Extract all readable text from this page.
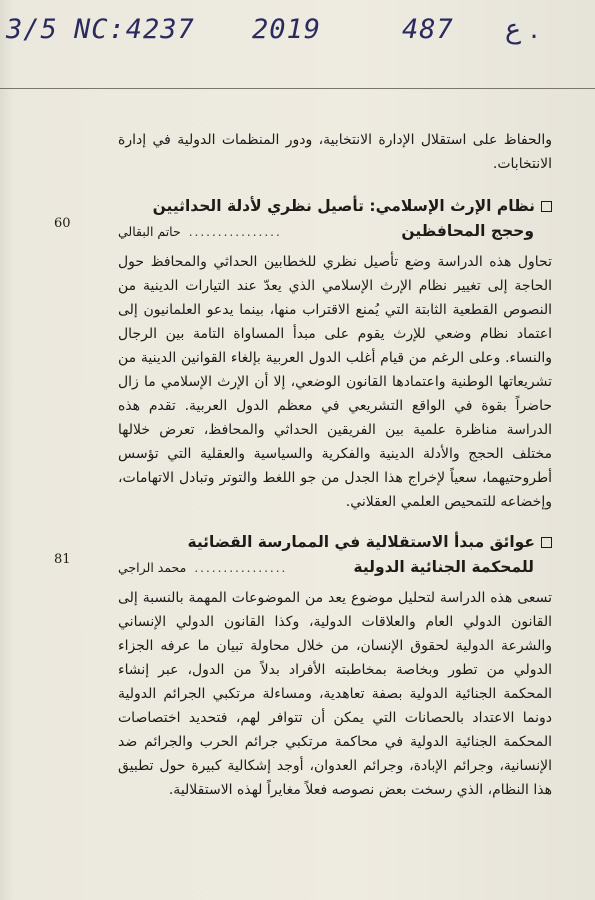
3/5 NC:4237 2019	487 ع .

والحفاظ على استقلال الإدارة الانتخابية، ودور المنظمات الدولية في إدارة الانتخابات.

نظام الإرث الإسلامي: تأصيل نظري لأدلة الحداثيين
وحجج المحافظين
................
حاتم البقالي
60

تحاول هذه الدراسة وضع تأصيل نظري للخطابين الحداثي والمحافظ حول الحاجة إلى تغيير نظام الإرث الإسلامي الذي يعدّ عند التيارات الدينية من النصوص القطعية الثابتة التي يُمنع الاقتراب منها، بينما يدعو العلمانيون إلى اعتماد نظام وضعي للإرث يقوم على مبدأ المساواة التامة بين الرجال والنساء. وعلى الرغم من قيام أغلب الدول العربية بإلغاء القوانين الدينية من تشريعاتها الوطنية واعتمادها القانون الوضعي، إلا أن الإرث الإسلامي ما زال حاضراً بقوة في الواقع التشريعي في معظم الدول العربية. تقدم هذه الدراسة مناظرة علمية بين الفريقين الحداثي والمحافظ، تعرض خلالها مختلف الحجج والأدلة الدينية والفكرية والسياسية والعقلية التي تؤسس أطروحتيهما، سعياً لإخراج هذا الجدل من جو اللغط والتوتر وتبادل الاتهامات، وإخضاعه للتمحيص العلمي العقلاني.

عوائق مبدأ الاستقلالية في الممارسة القضائية
للمحكمة الجنائية الدولية
................
محمد الراجي
81

تسعى هذه الدراسة لتحليل موضوع يعد من الموضوعات المهمة بالنسبة إلى القانون الدولي العام والعلاقات الدولية، وكذا القانون الدولي الإنساني والشرعة الدولية لحقوق الإنسان، من خلال محاولة تبيان ما عرفه الجزاء الدولي من تطور وبخاصة بمخاطبته الأفراد بدلاً من الدول، عبر إنشاء المحكمة الجنائية الدولية بصفة تعاهدية، ومساءلة مرتكبي الجرائم الدولية دونما الاعتداد بالحصانات التي يمكن أن تتوافر لهم، فتحديد اختصاصات المحكمة الجنائية الدولية في محاكمة مرتكبي جرائم الحرب والجرائم ضد الإنسانية، وجرائم الإبادة، وجرائم العدوان، أوجد إشكالية كبيرة حول تطبيق هذا النظام، الذي رسخت بعض نصوصه فعلاً مغايراً لهذه الاستقلالية.
